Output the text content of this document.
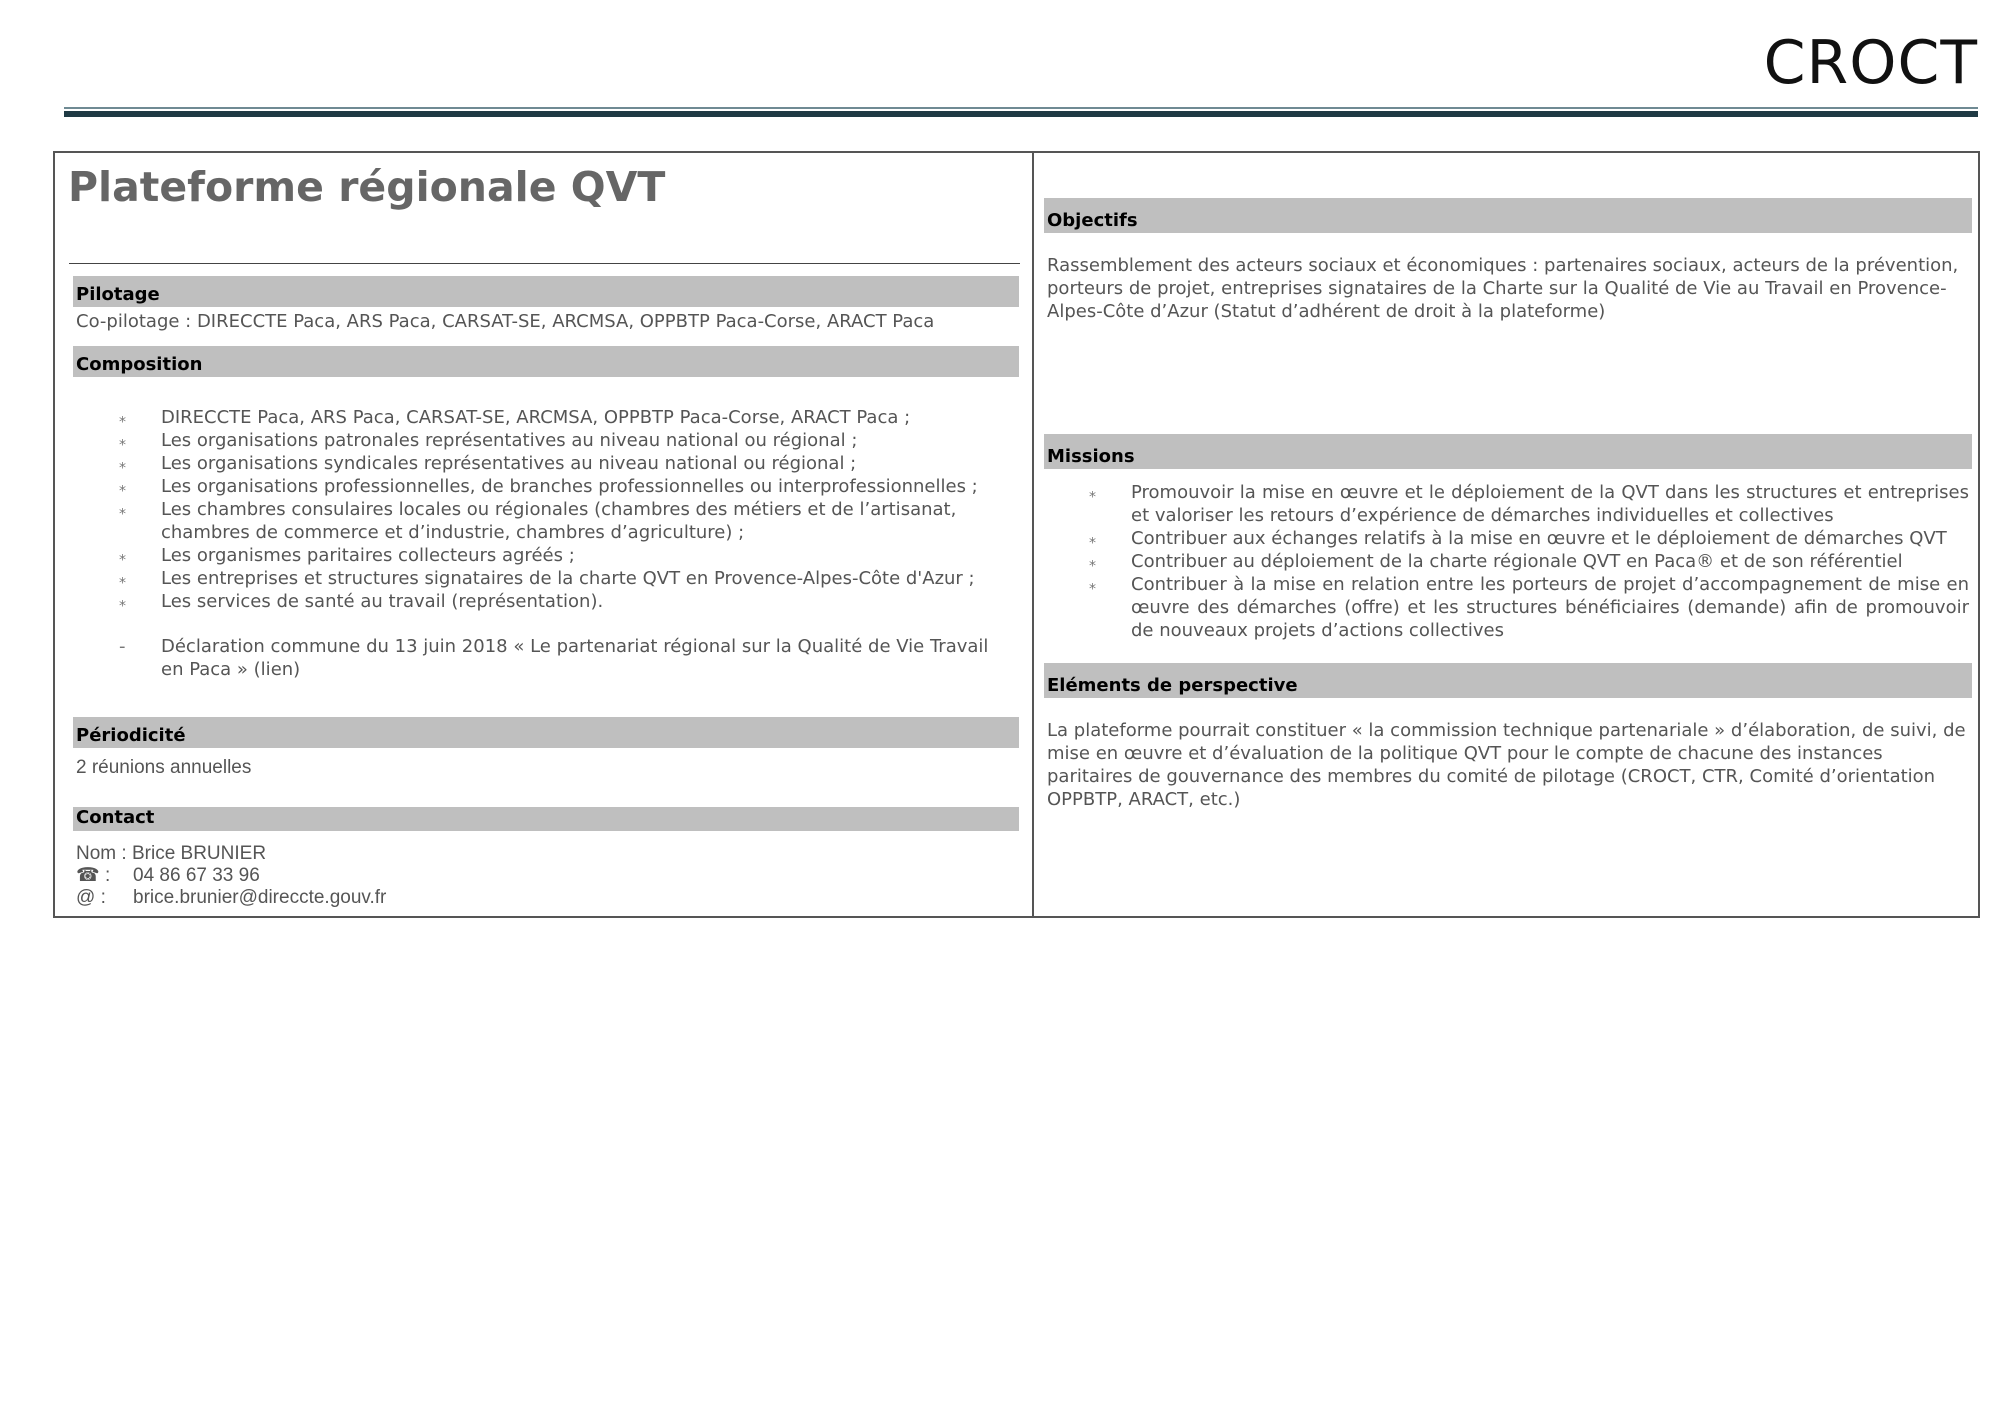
CROCT
Plateforme régionale QVT
Pilotage
Co-pilotage : DIRECCTE Paca, ARS Paca, CARSAT-SE, ARCMSA, OPPBTP Paca-Corse, ARACT Paca
Composition
⁎ DIRECCTE Paca, ARS Paca, CARSAT-SE, ARCMSA, OPPBTP Paca-Corse, ARACT Paca ;
⁎ Les organisations patronales représentatives au niveau national ou régional ;
⁎ Les organisations syndicales représentatives au niveau national ou régional ;
⁎ Les organisations professionnelles, de branches professionnelles ou interprofessionnelles ;
⁎ Les chambres consulaires locales ou régionales (chambres des métiers et de l’artisanat, chambres de commerce et d’industrie, chambres d’agriculture) ;
⁎ Les organismes paritaires collecteurs agréés ;
⁎ Les entreprises et structures signataires de la charte QVT en Provence-Alpes-Côte d'Azur ;
⁎ Les services de santé au travail (représentation).
- Déclaration commune du 13 juin 2018 « Le partenariat régional sur la Qualité de Vie Travail en Paca » (lien)
Périodicité
2 réunions annuelles
Contact
Nom : Brice BRUNIER
☎ : 04 86 67 33 96
@ : brice.brunier@direccte.gouv.fr
Objectifs
Rassemblement des acteurs sociaux et économiques : partenaires sociaux, acteurs de la prévention, porteurs de projet, entreprises signataires de la Charte sur la Qualité de Vie au Travail en Provence-Alpes-Côte d’Azur (Statut d’adhérent de droit à la plateforme)
Missions
⁎ Promouvoir la mise en œuvre et le déploiement de la QVT dans les structures et entreprises et valoriser les retours d’expérience de démarches individuelles et collectives
⁎ Contribuer aux échanges relatifs à la mise en œuvre et le déploiement de démarches QVT
⁎ Contribuer au déploiement de la charte régionale QVT en Paca® et de son référentiel
⁎ Contribuer à la mise en relation entre les porteurs de projet d’accompagnement de mise en œuvre des démarches (offre) et les structures bénéficiaires (demande) afin de promouvoir de nouveaux projets d’actions collectives
Eléments de perspective
La plateforme pourrait constituer « la commission technique partenariale » d’élaboration, de suivi, de mise en œuvre et d’évaluation de la politique QVT pour le compte de chacune des instances paritaires de gouvernance des membres du comité de pilotage (CROCT, CTR, Comité d’orientation OPPBTP, ARACT, etc.)
